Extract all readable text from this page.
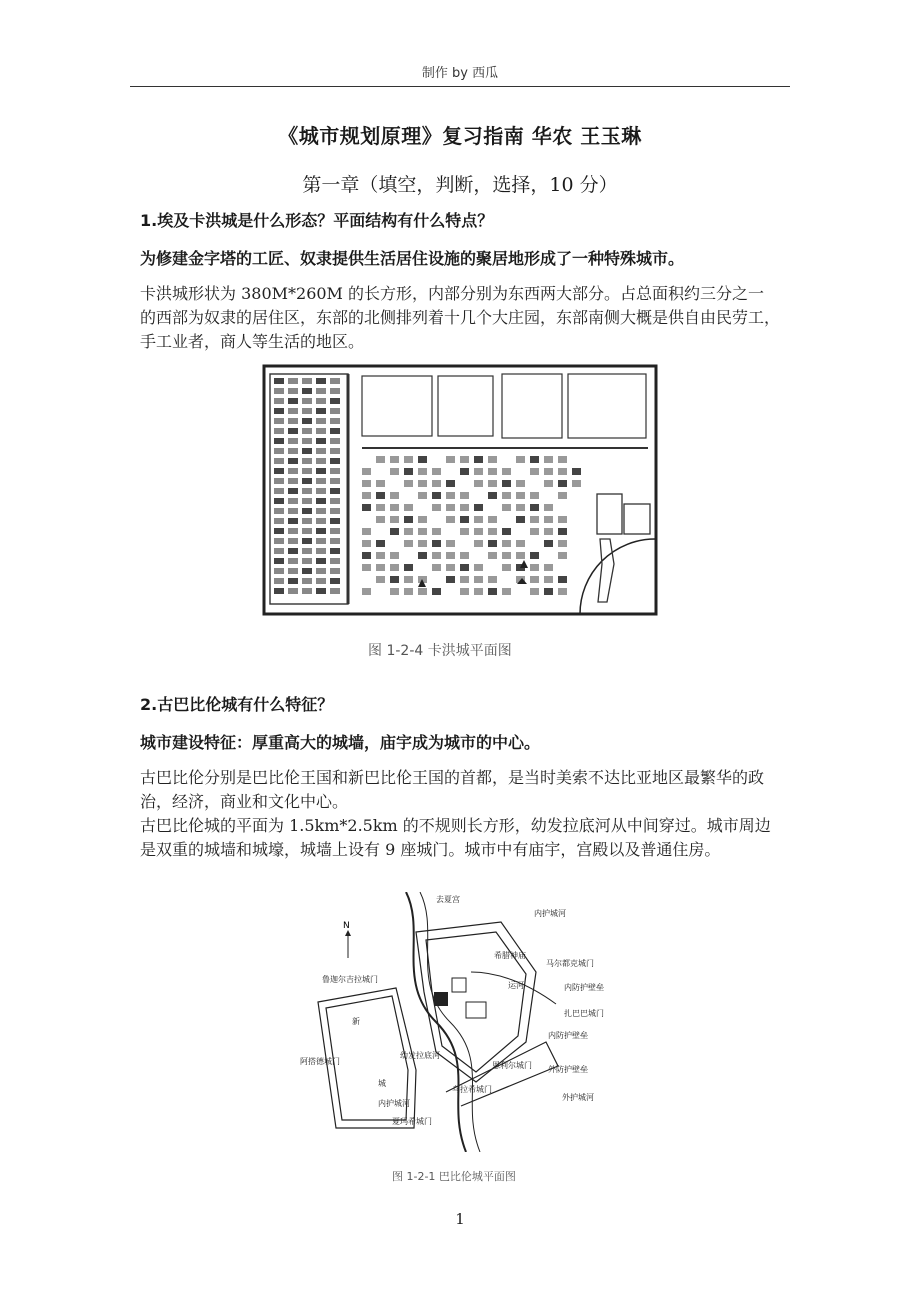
制作 by 西瓜
《城市规划原理》复习指南 华农 王玉琳
第一章（填空，判断，选择，10 分）
1.埃及卡洪城是什么形态？平面结构有什么特点？
为修建金字塔的工匠、奴隶提供生活居住设施的聚居地形成了一种特殊城市。
卡洪城形状为 380M*260M 的长方形，内部分别为东西两大部分。占总面积约三分之一的西部为奴隶的居住区，东部的北侧排列着十几个大庄园，东部南侧大概是供自由民劳工，手工业者，商人等生活的地区。
图 1-2-4 卡洪城平面图
2.古巴比伦城有什么特征？
城市建设特征：厚重高大的城墙，庙宇成为城市的中心。
古巴比伦分别是巴比伦王国和新巴比伦王国的首都，是当时美索不达比亚地区最繁华的政治，经济，商业和文化中心。
古巴比伦城的平面为 1.5km*2.5km 的不规则长方形，幼发拉底河从中间穿过。城市周边是双重的城墙和城壕，城墙上设有 9 座城门。城市中有庙宇，宫殿以及普通住房。
N
去夏宫
内护城河
希腊神庙
马尔都克城门
运河	内防护壁垒
鲁迦尔吉拉城门
新
扎巴巴城门
内防护壁垒
幼发拉底河
阿搭德城门	恩利尔城门 外防护壁垒
城
乌拉希城门
外护城河
内护城河
夏玛希城门
图 1-2-1 巴比伦城平面图
1
